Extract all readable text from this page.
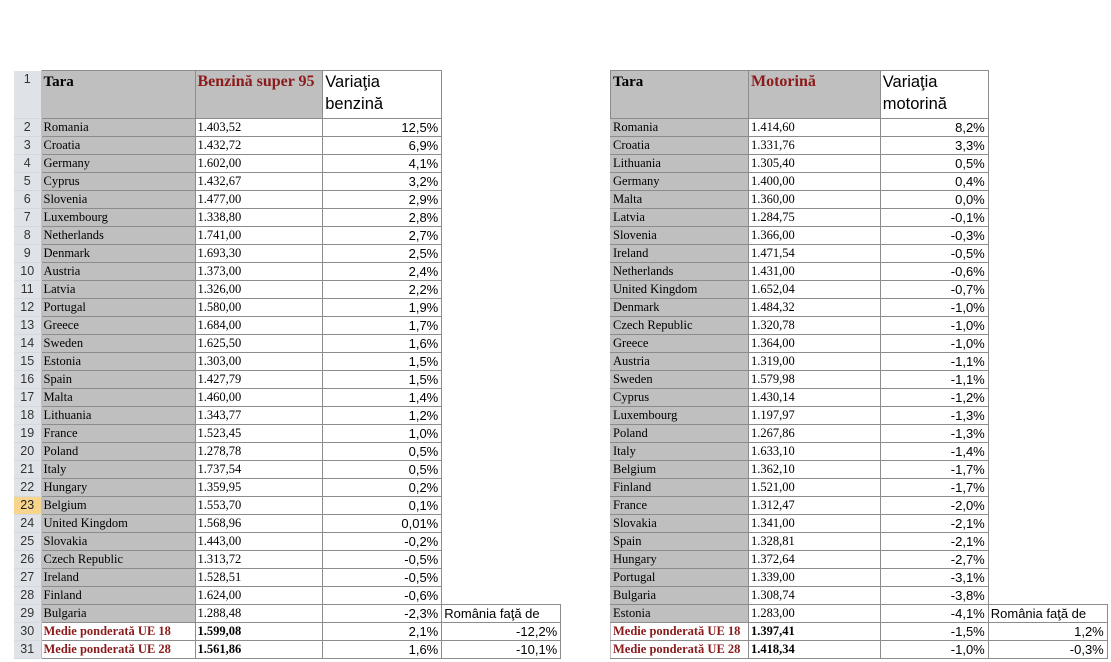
1	Tara	Benzină super 95	Variaţia benzină	
2	Romania	1.403,52	12,5%	
3	Croatia	1.432,72	6,9%	
4	Germany	1.602,00	4,1%	
5	Cyprus	1.432,67	3,2%	
6	Slovenia	1.477,00	2,9%	
7	Luxembourg	1.338,80	2,8%	
8	Netherlands	1.741,00	2,7%	
9	Denmark	1.693,30	2,5%	
10	Austria	1.373,00	2,4%	
11	Latvia	1.326,00	2,2%	
12	Portugal	1.580,00	1,9%	
13	Greece	1.684,00	1,7%	
14	Sweden	1.625,50	1,6%	
15	Estonia	1.303,00	1,5%	
16	Spain	1.427,79	1,5%	
17	Malta	1.460,00	1,4%	
18	Lithuania	1.343,77	1,2%	
19	France	1.523,45	1,0%	
20	Poland	1.278,78	0,5%	
21	Italy	1.737,54	0,5%	
22	Hungary	1.359,95	0,2%	
23	Belgium	1.553,70	0,1%	
24	United Kingdom	1.568,96	0,01%	
25	Slovakia	1.443,00	-0,2%	
26	Czech Republic	1.313,72	-0,5%	
27	Ireland	1.528,51	-0,5%	
28	Finland	1.624,00	-0,6%	
29	Bulgaria	1.288,48	-2,3%	România faţă de
30	Medie ponderată UE 18	1.599,08	2,1%	-12,2%
31	Medie ponderată UE 28	1.561,86	1,6%	-10,1%
Tara	Motorină	Variaţia motorină	
Romania	1.414,60	8,2%	
Croatia	1.331,76	3,3%	
Lithuania	1.305,40	0,5%	
Germany	1.400,00	0,4%	
Malta	1.360,00	0,0%	
Latvia	1.284,75	-0,1%	
Slovenia	1.366,00	-0,3%	
Ireland	1.471,54	-0,5%	
Netherlands	1.431,00	-0,6%	
United Kingdom	1.652,04	-0,7%	
Denmark	1.484,32	-1,0%	
Czech Republic	1.320,78	-1,0%	
Greece	1.364,00	-1,0%	
Austria	1.319,00	-1,1%	
Sweden	1.579,98	-1,1%	
Cyprus	1.430,14	-1,2%	
Luxembourg	1.197,97	-1,3%	
Poland	1.267,86	-1,3%	
Italy	1.633,10	-1,4%	
Belgium	1.362,10	-1,7%	
Finland	1.521,00	-1,7%	
France	1.312,47	-2,0%	
Slovakia	1.341,00	-2,1%	
Spain	1.328,81	-2,1%	
Hungary	1.372,64	-2,7%	
Portugal	1.339,00	-3,1%	
Bulgaria	1.308,74	-3,8%	
Estonia	1.283,00	-4,1%	România faţă de
Medie ponderată UE 18	1.397,41	-1,5%	1,2%
Medie ponderată UE 28	1.418,34	-1,0%	-0,3%
